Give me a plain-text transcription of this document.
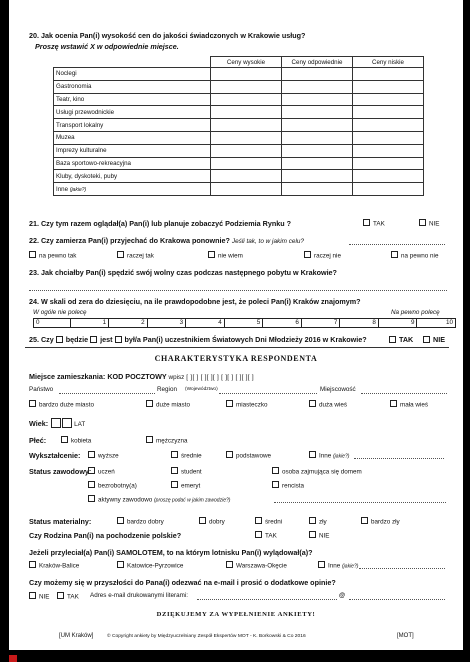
20. Jak ocenia Pan(i) wysokość cen do jakości świadczonych w Krakowie usług?
Proszę wstawić X w odpowiednie miejsce.
	Ceny wysokie	Ceny odpowiednie	Ceny niskie
Noclegi			
Gastronomia			
Teatr, kino			
Usługi przewodnickie			
Transport lokalny			
Muzea			
Imprezy kulturalne			
Baza sportowo-rekreacyjna			
Kluby, dyskoteki, puby			
Inne (jakie?)			
21. Czy tym razem oglądał(a) Pan(i) lub planuje zobaczyć Podziemia Rynku ?	TAK	NIE
22. Czy zamierza Pan(i) przyjechać do Krakowa ponownie? Jeśli tak, to w jakim celu?
na pewno tak	raczej tak	nie wiem	raczej nie	na pewno nie
23. Jak chciałby Pan(i) spędzić swój wolny czas podczas następnego pobytu w Krakowie?
24. W skali od zera do dziesięciu, na ile prawdopodobne jest, że poleci Pan(i) Kraków znajomym?
W ogóle nie polecę	Na pewno polecę
0	1	2	3	4	5	6	7	8	9	10
25. Czy będzie jest był/a Pan(i) uczestnikiem Światowych Dni Młodzieży 2016 w Krakowie?	TAK	NIE
CHARAKTERYSTYKA RESPONDENTA
Miejsce zamieszkania: KOD POCZTOWY wpisz [ ][ ] [ ][ ][ ] [ ][ ] [ ][ ][ ]
Państwo	Region (Województwo)	Miejscowość
bardzo duże miasto	duże miasto	miasteczko	duża wieś	mała wieś
Wiek:	LAT
Płeć:	kobieta	mężczyzna
Wykształcenie:	wyższe	średnie	podstawowe	Inne (jakie?)
Status zawodowy:	uczeń	student	osoba zajmująca się domem
bezrobotny(a)	emeryt	rencista
aktywny zawodowo (proszę podać w jakim zawodzie?)
Status materialny:	bardzo dobry	dobry	średni	zły	bardzo zły
Czy Rodzina Pan(i) na pochodzenie polskie?	TAK	NIE
Jeżeli przyleciał(a) Pan(i) SAMOLOTEM, to na którym lotnisku Pan(i) wylądował(a)?
Kraków-Balice	Katowice-Pyrzowice	Warszawa-Okęcie	Inne (jakie?)
Czy możemy się w przyszłości do Pana(i) odezwać na e-mail i prosić o dodatkowe opinie?
NIE	TAK Adres e-mail drukowanymi literami:	@
DZIĘKUJEMY ZA WYPEŁNIENIE ANKIETY!
[UM Kraków]	© Copyright ankiety by Międzyuczelniany Zespół Ekspertów MOT - K. Borkowski & Co 2016	[MOT]
